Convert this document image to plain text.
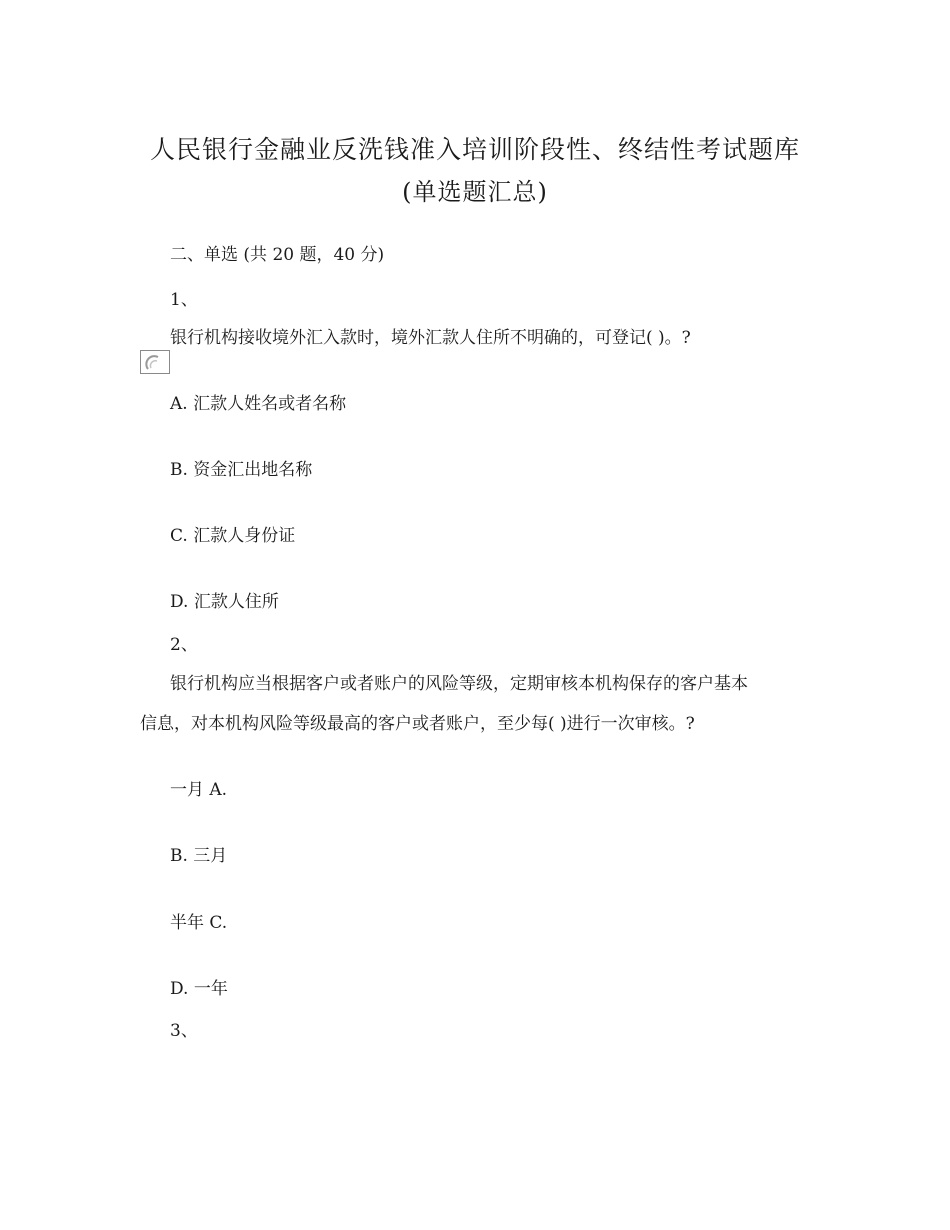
人民银行金融业反洗钱准入培训阶段性、终结性考试题库
(单选题汇总)
二、单选 (共 20 题，40 分)
1、
银行机构接收境外汇入款时，境外汇款人住所不明确的，可登记( )。?
A. 汇款人姓名或者名称
B. 资金汇出地名称
C. 汇款人身份证
D. 汇款人住所
2、
银行机构应当根据客户或者账户的风险等级，定期审核本机构保存的客户基本
信息，对本机构风险等级最高的客户或者账户，至少每( )进行一次审核。?
一月 A.
B. 三月
半年 C.
D. 一年
3、
